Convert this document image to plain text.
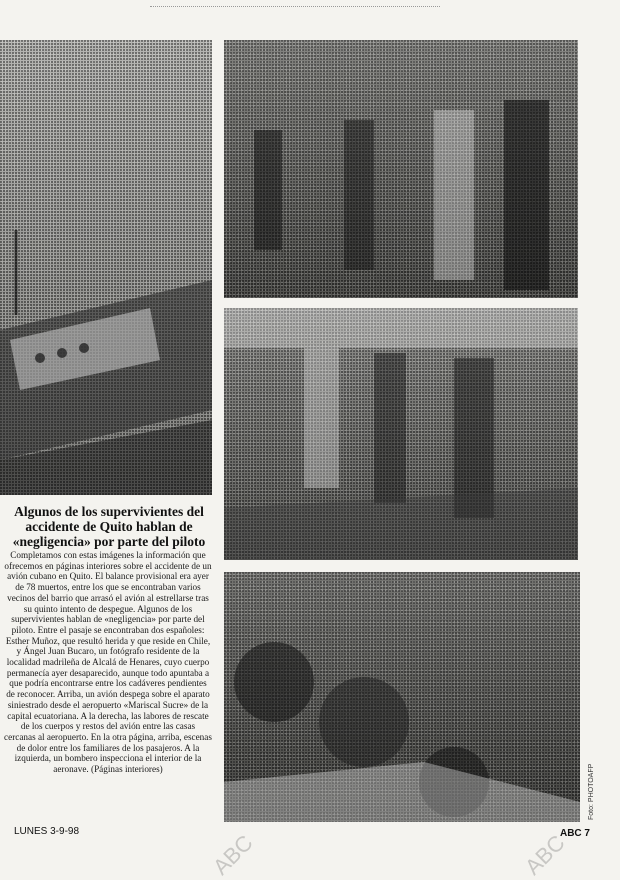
Algunos de los supervivientes del accidente de Quito hablan de «negligencia» por parte del piloto
Completamos con estas imágenes la información que ofrecemos en páginas interiores sobre el accidente de un avión cubano en Quito. El balance provisional era ayer de 78 muertos, entre los que se encontraban varios vecinos del barrio que arrasó el avión al estrellarse tras su quinto intento de despegue. Algunos de los supervivientes hablan de «negligencia» por parte del piloto. Entre el pasaje se encontraban dos españoles: Esther Muñoz, que resultó herida y que reside en Chile, y Ángel Juan Bucaro, un fotógrafo residente de la localidad madrileña de Alcalá de Henares, cuyo cuerpo permanecía ayer desaparecido, aunque todo apuntaba a que podría encontrarse entre los cadáveres pendientes de reconocer. Arriba, un avión despega sobre el aparato siniestrado desde el aeropuerto «Mariscal Sucre» de la capital ecuatoriana. A la derecha, las labores de rescate de los cuerpos y restos del avión entre las casas cercanas al aeropuerto. En la otra página, arriba, escenas de dolor entre los familiares de los pasajeros. A la izquierda, un bombero inspecciona el interior de la aeronave. (Páginas interiores)	Foto: PHOTOAFP
LUNES 3-9-98	ABC 7
ABC	ABC
